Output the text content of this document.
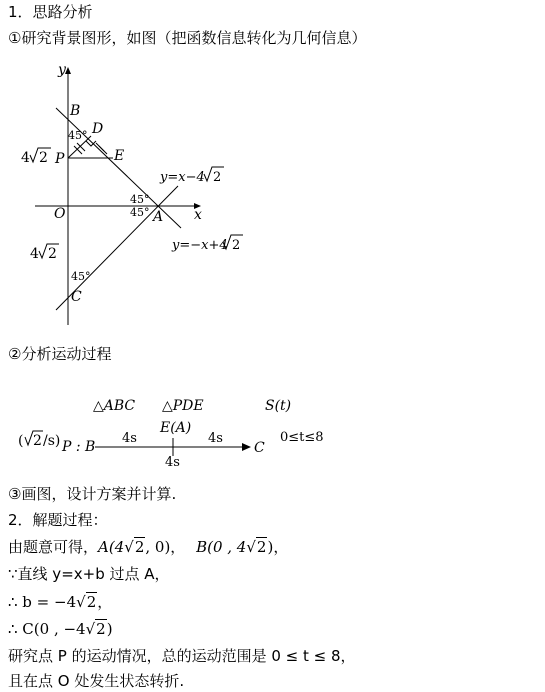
1．思路分析
①研究背景图形，如图（把函数信息转化为几何信息）
y
x
O
B
D
P	E
A
C
45°
45°
45°
45°
4 2
4 2
y=x−4 2
y=−x+4 2
②分析运动过程
△ABC △PDE	S(t)
( 2 /s) P : B
E(A)
4s	4s
4s
C
0≤t≤8
③画图，设计方案并计算.
2．解题过程：
由题意可得，A(4√2, 0)， B(0 , 4√2)，
∵直线 y=x+b 过点 A，
∴ b = −4√2，
∴ C(0 , −4√2)
研究点 P 的运动情况，总的运动范围是 0 ≤ t ≤ 8，
且在点 O 处发生状态转折.
